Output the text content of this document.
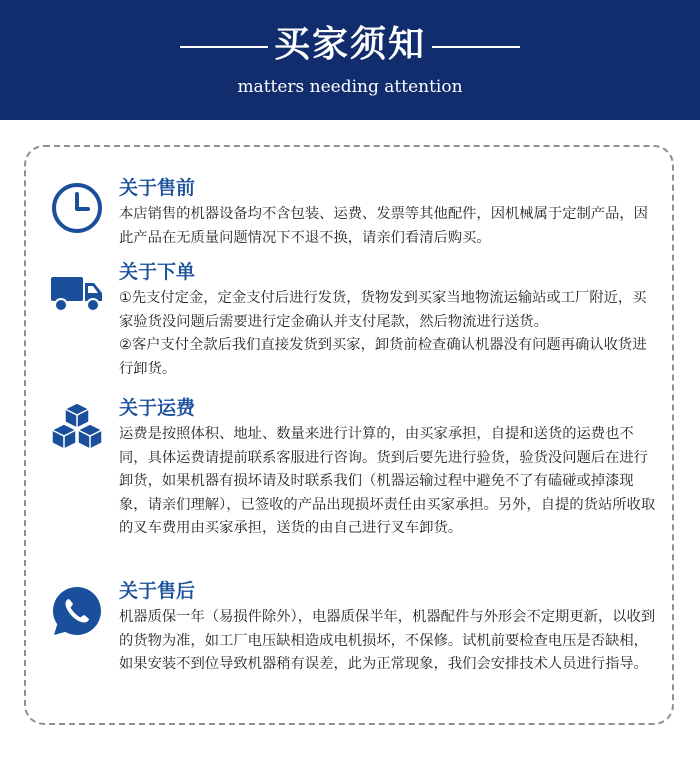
买家须知
matters needing attention
关于售前

本店销售的机器设备均不含包装、运费、发票等其他配件，因机械属于定制产品，因此产品在无质量问题情况下不退不换，请亲们看清后购买。

关于下单

①先支付定金，定金支付后进行发货，货物发到买家当地物流运输站或工厂附近，买家验货没问题后需要进行定金确认并支付尾款，然后物流进行送货。

②客户支付全款后我们直接发货到买家，卸货前检查确认机器没有问题再确认收货进行卸货。

关于运费

运费是按照体积、地址、数量来进行计算的，由买家承担，自提和送货的运费也不同，具体运费请提前联系客服进行咨询。货到后要先进行验货，验货没问题后在进行卸货，如果机器有损坏请及时联系我们（机器运输过程中避免不了有磕碰或掉漆现象，请亲们理解），已签收的产品出现损坏责任由买家承担。另外，自提的货站所收取的叉车费用由买家承担，送货的由自己进行叉车卸货。

关于售后

机器质保一年（易损件除外），电器质保半年，机器配件与外形会不定期更新，以收到的货物为准，如工厂电压缺相造成电机损坏，不保修。试机前要检查电压是否缺相，如果安装不到位导致机器稍有误差，此为正常现象，我们会安排技术人员进行指导。
